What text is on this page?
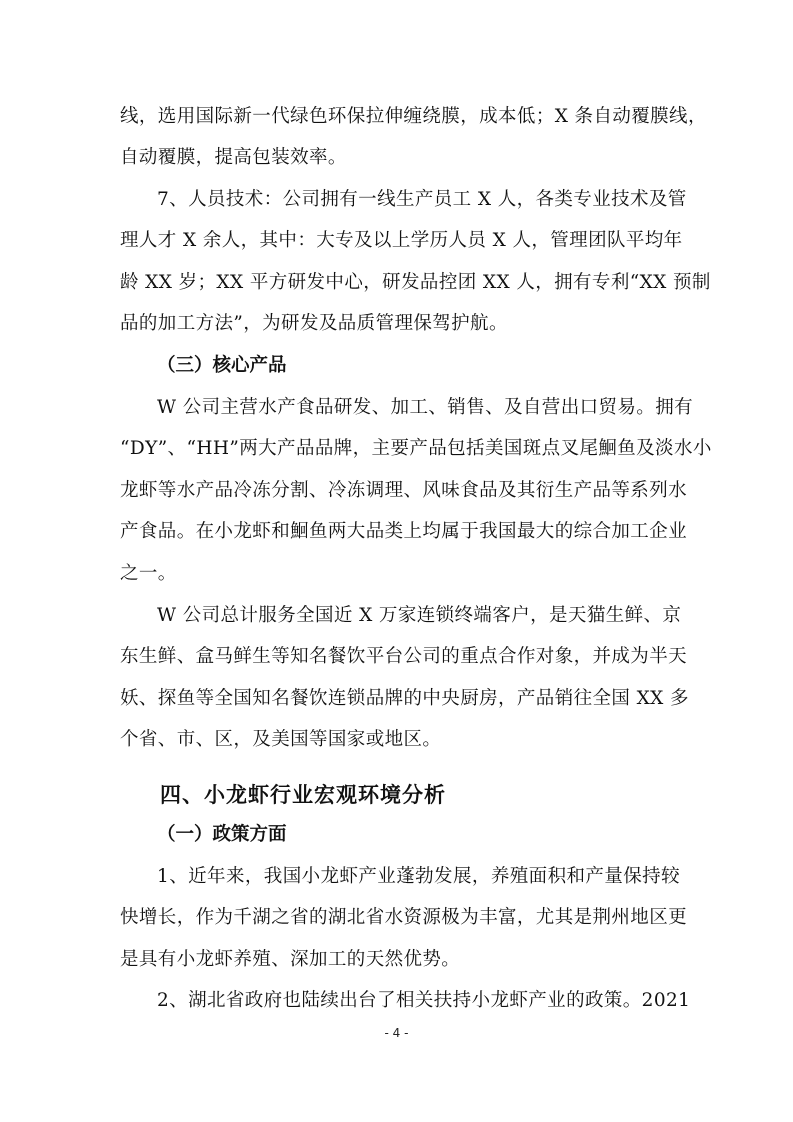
线，选用国际新一代绿色环保拉伸缠绕膜，成本低；X 条自动覆膜线，
自动覆膜，提高包装效率。
7、人员技术：公司拥有一线生产员工 X 人，各类专业技术及管
理人才 X 余人，其中：大专及以上学历人员 X 人，管理团队平均年
龄 XX 岁；XX 平方研发中心，研发品控团 XX 人，拥有专利“XX 预制
品的加工方法”，为研发及品质管理保驾护航。
（三）核心产品
W 公司主营水产食品研发、加工、销售、及自营出口贸易。拥有
“DY”、“HH”两大产品品牌，主要产品包括美国斑点叉尾鮰鱼及淡水小
龙虾等水产品冷冻分割、冷冻调理、风味食品及其衍生产品等系列水
产食品。在小龙虾和鮰鱼两大品类上均属于我国最大的综合加工企业
之一。
W 公司总计服务全国近 X 万家连锁终端客户，是天猫生鲜、京
东生鲜、盒马鲜生等知名餐饮平台公司的重点合作对象，并成为半天
妖、探鱼等全国知名餐饮连锁品牌的中央厨房，产品销往全国 XX 多
个省、市、区，及美国等国家或地区。
四、小龙虾行业宏观环境分析
（一）政策方面
1、近年来，我国小龙虾产业蓬勃发展，养殖面积和产量保持较
快增长，作为千湖之省的湖北省水资源极为丰富，尤其是荆州地区更
是具有小龙虾养殖、深加工的天然优势。
2、湖北省政府也陆续出台了相关扶持小龙虾产业的政策。2021
- 4 -
